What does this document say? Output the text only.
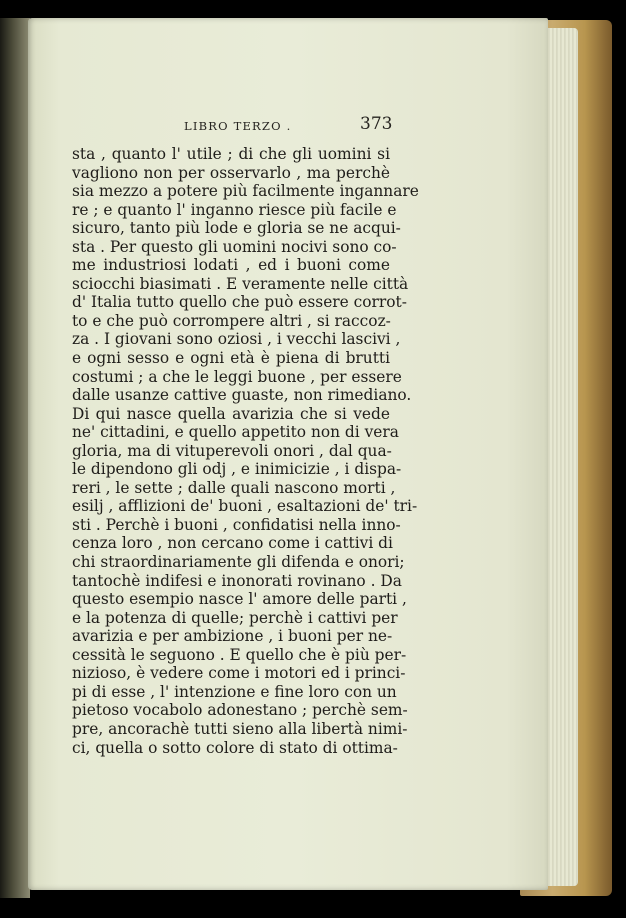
LIBRO TERZO .	373
sta , quanto l' utile ; di che gli uomini si
vagliono non per osservarlo , ma perchè
sia mezzo a potere più facilmente ingannare
re ; e quanto l' inganno riesce più facile e
sicuro, tanto più lode e gloria se ne acqui-
sta . Per questo gli uomini nocivi sono co-
me industriosi lodati , ed i buoni come
sciocchi biasimati . E veramente nelle città
d' Italia tutto quello che può essere corrot-
to e che può corrompere altri , si raccoz-
za . I giovani sono oziosi , i vecchi lascivi ,
e ogni sesso e ogni età è piena di brutti
costumi ; a che le leggi buone , per essere
dalle usanze cattive guaste, non rimediano.
Di qui nasce quella avarizia che si vede
ne' cittadini, e quello appetito non di vera
gloria, ma di vituperevoli onori , dal qua-
le dipendono gli odj , e inimicizie , i dispa-
reri , le sette ; dalle quali nascono morti ,
esilj , afflizioni de' buoni , esaltazioni de' tri-
sti . Perchè i buoni , confidatisi nella inno-
cenza loro , non cercano come i cattivi di
chi straordinariamente gli difenda e onori;
tantochè indifesi e inonorati rovinano . Da
questo esempio nasce l' amore delle parti ,
e la potenza di quelle; perchè i cattivi per
avarizia e per ambizione , i buoni per ne-
cessità le seguono . E quello che è più per-
nizioso, è vedere come i motori ed i princi-
pi di esse , l' intenzione e fine loro con un
pietoso vocabolo adonestano ; perchè sem-
pre, ancorachè tutti sieno alla libertà nimi-
ci, quella o sotto colore di stato di ottima-
